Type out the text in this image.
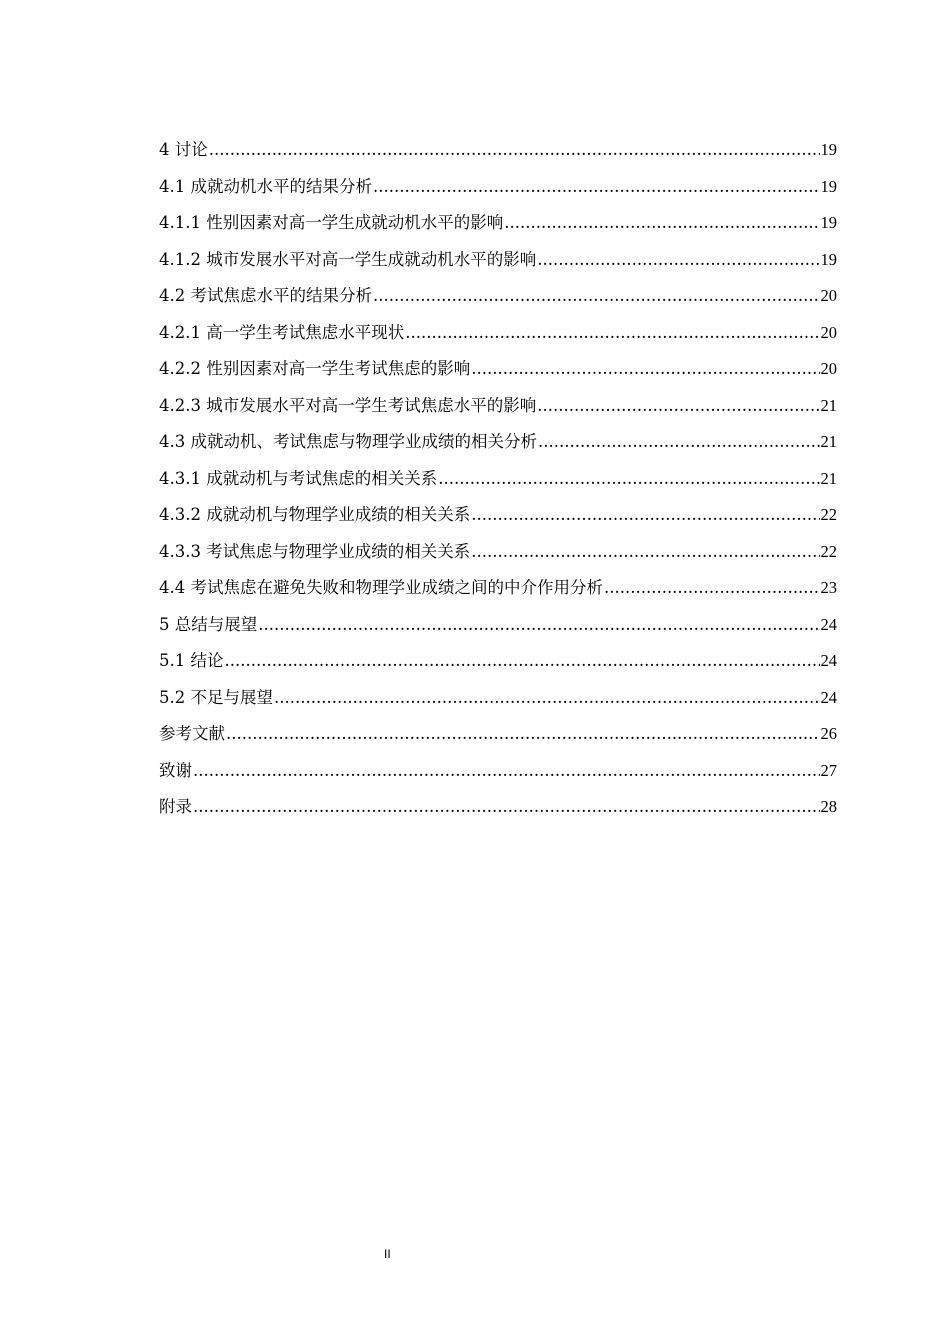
4 讨论 .....	19
4.1 成就动机水平的结果分析 .....	19
4.1.1 性别因素对高一学生成就动机水平的影响 .....	19
4.1.2 城市发展水平对高一学生成就动机水平的影响 .....	19
4.2 考试焦虑水平的结果分析 .....	20
4.2.1 高一学生考试焦虑水平现状 .....	20
4.2.2 性别因素对高一学生考试焦虑的影响 .....	20
4.2.3 城市发展水平对高一学生考试焦虑水平的影响 .....	21
4.3 成就动机、考试焦虑与物理学业成绩的相关分析 .....	21
4.3.1 成就动机与考试焦虑的相关关系 .....	21
4.3.2 成就动机与物理学业成绩的相关关系 .....	22
4.3.3 考试焦虑与物理学业成绩的相关关系 .....	22
4.4 考试焦虑在避免失败和物理学业成绩之间的中介作用分析 .....	23
5 总结与展望 .....	24
5.1 结论 .....	24
5.2 不足与展望 .....	24
参考文献 .....	26
致谢 .....	27
附录 .....	28
II
